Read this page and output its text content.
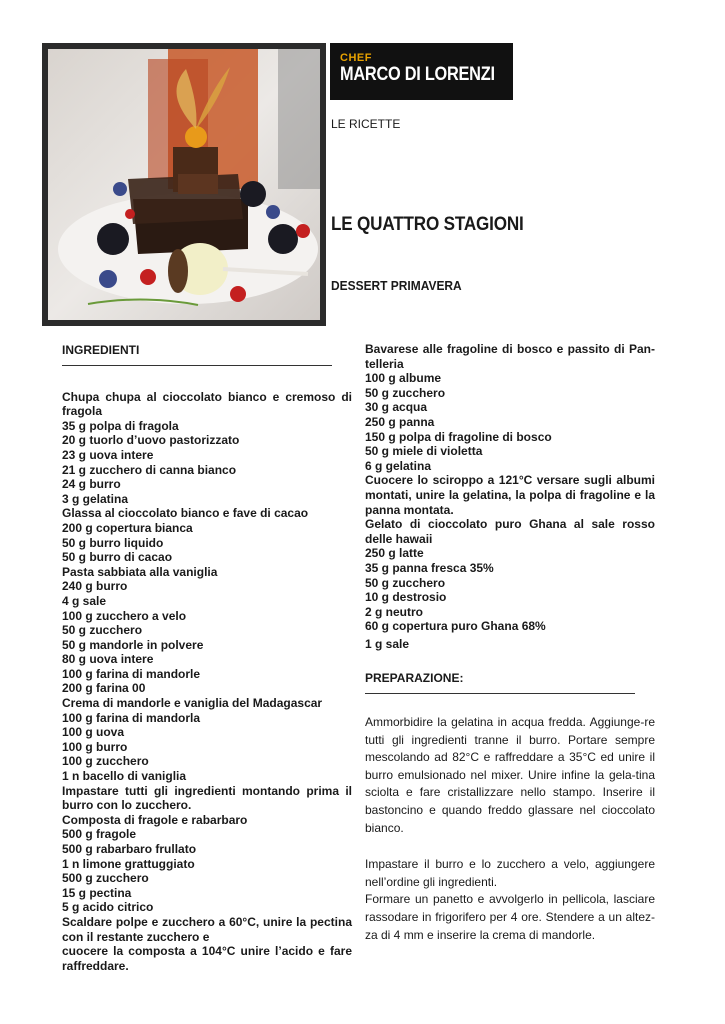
CHEF
MARCO DI LORENZI
LE RICETTE
LE QUATTRO STAGIONI
DESSERT PRIMAVERA

INGREDIENTI

Chupa chupa al cioccolato bianco e cremoso di fragola

35 g polpa di fragola

20 g tuorlo d’uovo pastorizzato

23 g uova intere

21 g zucchero di canna bianco

24 g burro

3 g gelatina

Glassa al cioccolato bianco e fave di cacao

200 g copertura bianca

50 g burro liquido

50 g burro di cacao

Pasta sabbiata alla vaniglia

240 g burro

4 g sale

100 g zucchero a velo

50 g zucchero

50 g mandorle in polvere

80 g uova intere

100 g farina di mandorle

200 g farina 00

Crema di mandorle e vaniglia del Madagascar

100 g farina di mandorla

100 g uova

100 g burro

100 g zucchero

1 n bacello di vaniglia

Impastare tutti gli ingredienti montando prima il burro con lo zucchero.

Composta di fragole e rabarbaro

500 g fragole

500 g rabarbaro frullato

1 n limone grattuggiato

500 g zucchero

15 g pectina

5 g acido citrico

Scaldare polpe e zucchero a 60°C, unire la pectina con il restante zucchero e

cuocere la composta a 104°C unire l’acido e fare raffreddare.

Bavarese alle fragoline di bosco e passito di Pan-telleria

100 g albume

50 g zucchero

30 g acqua

250 g panna

150 g polpa di fragoline di bosco

50 g miele di violetta

6 g gelatina

Cuocere lo sciroppo a 121°C versare sugli albumi montati, unire la gelatina, la polpa di fragoline e la panna montata.

Gelato di cioccolato puro Ghana al sale rosso delle hawaii

250 g latte

35 g panna fresca 35%

50 g zucchero

10 g destrosio

2 g neutro

60 g copertura puro Ghana 68%

1 g sale

PREPARAZIONE:

Ammorbidire la gelatina in acqua fredda. Aggiunge-re tutti gli ingredienti tranne il burro. Portare sempre mescolando ad 82°C e raffreddare a 35°C ed unire il burro emulsionado nel mixer. Unire infine la gela-tina sciolta e fare cristallizzare nello stampo. Inserire il bastoncino e quando freddo glassare nel cioccolato bianco.

Impastare il burro e lo zucchero a velo, aggiungere nell’ordine gli ingredienti.

Formare un panetto e avvolgerlo in pellicola, lasciare rassodare in frigorifero per 4 ore. Stendere a un altez-za di 4 mm e inserire la crema di mandorle.
